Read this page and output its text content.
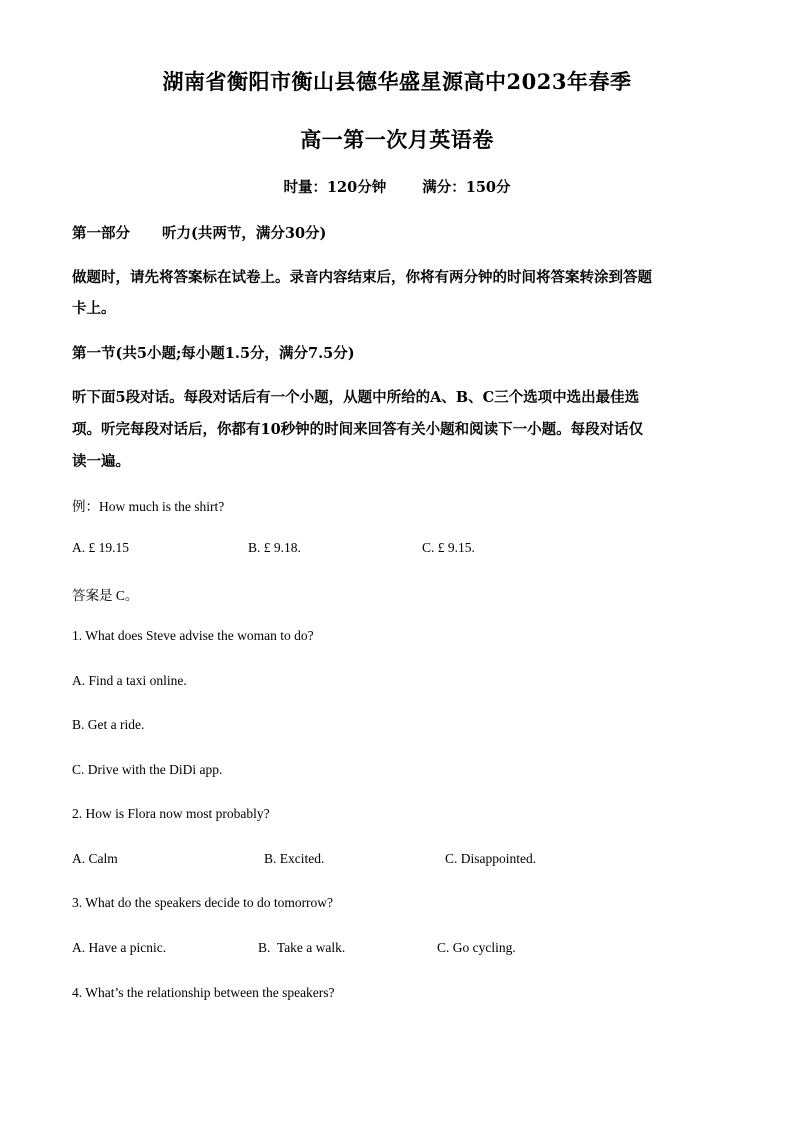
湖南省衡阳市衡山县德华盛星源高中2023年春季
高一第一次月英语卷
时量：120分钟 满分：150分
第一部分 听力(共两节，满分30分)
做题时，请先将答案标在试卷上。录音内容结束后，你将有两分钟的时间将答案转涂到答题
卡上。
第一节(共5小题;每小题1.5分，满分7.5分)
听下面5段对话。每段对话后有一个小题，从题中所给的A、B、C三个选项中选出最佳选
项。听完每段对话后，你都有10秒钟的时间来回答有关小题和阅读下一小题。每段对话仅
读一遍。
例：How much is the shirt?
A. £ 19.15	B. £ 9.18.	C. £ 9.15.
答案是 C。
1. What does Steve advise the woman to do?
A. Find a taxi online.
B. Get a ride.
C. Drive with the DiDi app.
2. How is Flora now most probably?
A. Calm	B. Excited.	C. Disappointed.
3. What do the speakers decide to do tomorrow?
A. Have a picnic.	B.  Take a walk.	C. Go cycling.
4. What’s the relationship between the speakers?
